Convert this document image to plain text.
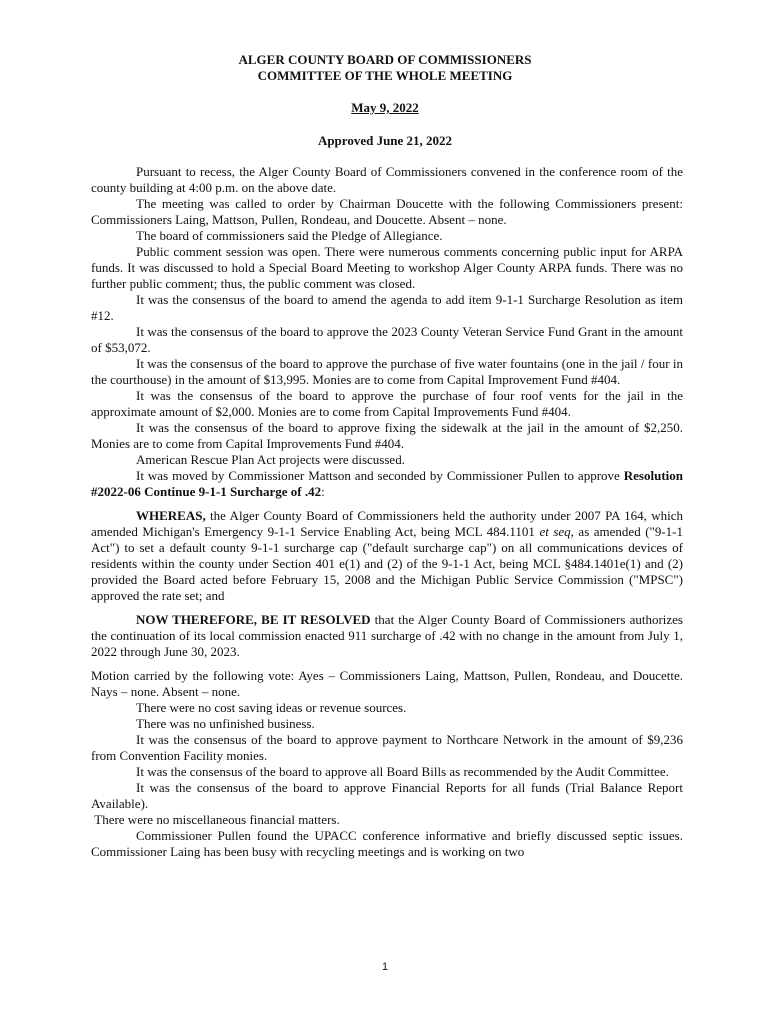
ALGER COUNTY BOARD OF COMMISSIONERS
COMMITTEE OF THE WHOLE MEETING
May 9, 2022
Approved June 21, 2022

Pursuant to recess, the Alger County Board of Commissioners convened in the conference room of the county building at 4:00 p.m. on the above date.

The meeting was called to order by Chairman Doucette with the following Commissioners present: Commissioners Laing, Mattson, Pullen, Rondeau, and Doucette. Absent – none.

The board of commissioners said the Pledge of Allegiance.

Public comment session was open. There were numerous comments concerning public input for ARPA funds. It was discussed to hold a Special Board Meeting to workshop Alger County ARPA funds. There was no further public comment; thus, the public comment was closed.

It was the consensus of the board to amend the agenda to add item 9-1-1 Surcharge Resolution as item #12.

It was the consensus of the board to approve the 2023 County Veteran Service Fund Grant in the amount of $53,072.

It was the consensus of the board to approve the purchase of five water fountains (one in the jail / four in the courthouse) in the amount of $13,995. Monies are to come from Capital Improvement Fund #404.

It was the consensus of the board to approve the purchase of four roof vents for the jail in the approximate amount of $2,000. Monies are to come from Capital Improvements Fund #404.

It was the consensus of the board to approve fixing the sidewalk at the jail in the amount of $2,250. Monies are to come from Capital Improvements Fund #404.

American Rescue Plan Act projects were discussed.

It was moved by Commissioner Mattson and seconded by Commissioner Pullen to approve Resolution #2022-06 Continue 9-1-1 Surcharge of .42:

WHEREAS, the Alger County Board of Commissioners held the authority under 2007 PA 164, which amended Michigan's Emergency 9-1-1 Service Enabling Act, being MCL 484.1101 et seq, as amended ("9-1-1 Act") to set a default county 9-1-1 surcharge cap ("default surcharge cap") on all communications devices of residents within the county under Section 401 e(1) and (2) of the 9-1-1 Act, being MCL §484.1401e(1) and (2) provided the Board acted before February 15, 2008 and the Michigan Public Service Commission ("MPSC") approved the rate set; and

NOW THEREFORE, BE IT RESOLVED that the Alger County Board of Commissioners authorizes the continuation of its local commission enacted 911 surcharge of .42 with no change in the amount from July 1, 2022 through June 30, 2023.

Motion carried by the following vote: Ayes – Commissioners Laing, Mattson, Pullen, Rondeau, and Doucette. Nays – none. Absent – none.

There were no cost saving ideas or revenue sources.

There was no unfinished business.

It was the consensus of the board to approve payment to Northcare Network in the amount of $9,236 from Convention Facility monies.

It was the consensus of the board to approve all Board Bills as recommended by the Audit Committee.

It was the consensus of the board to approve Financial Reports for all funds (Trial Balance Report Available).

There were no miscellaneous financial matters.

Commissioner Pullen found the UPACC conference informative and briefly discussed septic issues. Commissioner Laing has been busy with recycling meetings and is working on two

1
